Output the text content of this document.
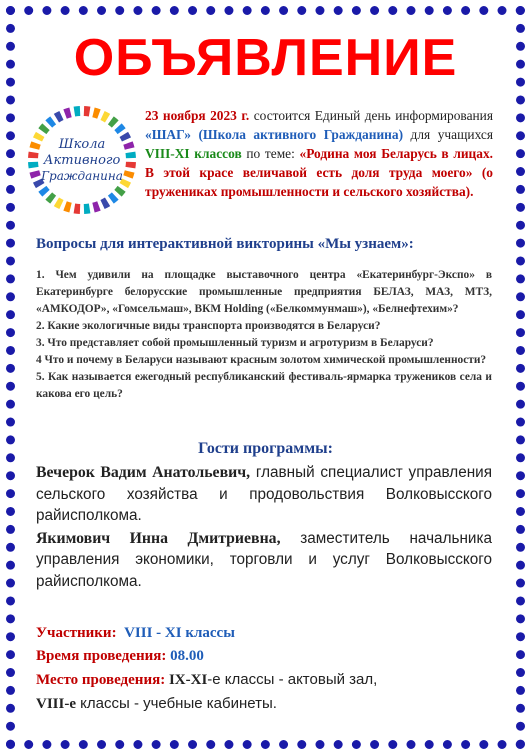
ОБЪЯВЛЕНИЕ
Школа
Активного
Гражданина
23 ноября 2023 г. состоится Единый день информирования «ШАГ» (Школа активного Гражданина) для учащихся VIII-XI классов по теме: «Родина моя Беларусь в лицах. В этой красе величавой есть доля труда моего» (о тружениках промышленности и сельского хозяйства).
Вопросы для интерактивной викторины «Мы узнаем»:

1. Чем удивили на площадке выставочного центра «Екатеринбург-Экспо» в Екатеринбурге белорусские промышленные предприятия БЕЛАЗ, МАЗ, МТЗ, «АМКОДОР», «Гомсельмаш», ВКМ Holding («Белкоммунмаш»), «Белнефтехим»?

2. Какие экологичные виды транспорта производятся в Беларуси?

3. Что представляет собой промышленный туризм и агротуризм в Беларуси?

4 Что и почему в Беларуси называют красным золотом химической промышленности?

5. Как называется ежегодный республиканский фестиваль-ярмарка тружеников села и какова его цель?

Гости программы:

Вечерок Вадим Анатольевич, главный специалист управления сельского хозяйства и продовольствия Волковысского райисполкома.

Якимович Инна Дмитриевна, заместитель начальника управления экономики, торговли и услуг Волковысского райисполкома.

Участники: VIII - XI классы
Время проведения: 08.00
Место проведения: IX-XI-е классы - актовый зал,
VIII-е классы - учебные кабинеты.
